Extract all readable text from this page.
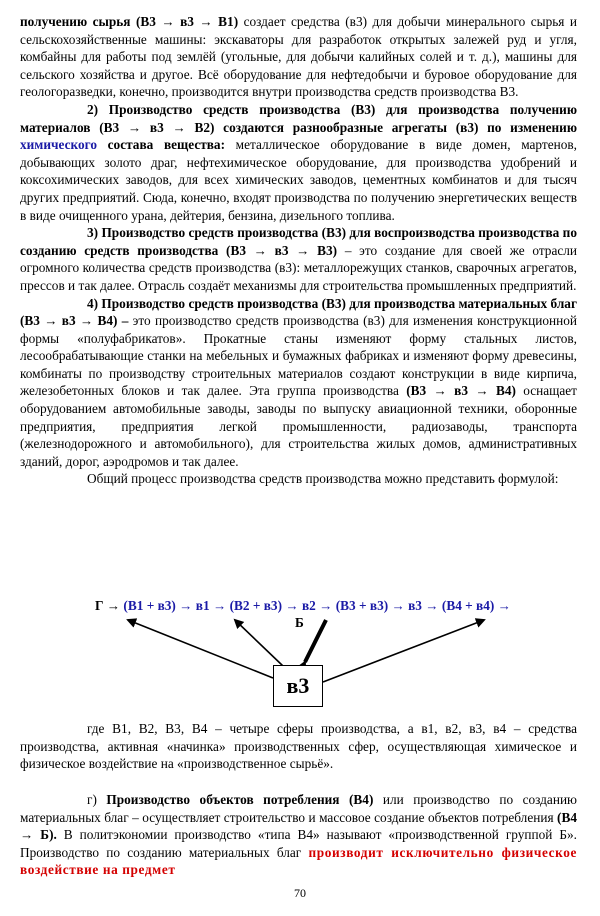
получению сырья (В3 → в3 → В1) создает средства (в3) для добычи минерального сырья и сельскохозяйственные машины: экскаваторы для разработок открытых залежей руд и угля, комбайны для работы под землёй (угольные, для добычи калийных солей и т. д.), машины для сельского хозяйства и другое. Всё оборудование для нефтедобычи и буровое оборудование для геологоразведки, конечно, производится внутри производства средств производства В3.

2) Производство средств производства (В3) для производства получению материалов (В3 → в3 → В2) создаются разнообразные агрегаты (в3) по изменению химического состава вещества: металлическое оборудование в виде домен, мартенов, добывающих золото драг, нефтехимическое оборудование, для производства удобрений и коксохимических заводов, для всех химических заводов, цементных комбинатов и для тысяч других предприятий. Сюда, конечно, входят производства по получению энергетических веществ в виде очищенного урана, дейтерия, бензина, дизельного топлива.

3) Производство средств производства (В3) для воспроизводства производства по созданию средств производства (В3 → в3 → В3) – это создание для своей же отрасли огромного количества средств производства (в3): металлорежущих станков, сварочных агрегатов, прессов и так далее. Отрасль создаёт механизмы для строительства промышленных предприятий.

4) Производство средств производства (В3) для производства материальных благ (В3 → в3 → В4) – это производство средств производства (в3) для изменения конструкционной формы «полуфабрикатов». Прокатные станы изменяют форму стальных листов, лесообрабатывающие станки на мебельных и бумажных фабриках и изменяют форму древесины, комбинаты по производству строительных материалов создают конструкции в виде кирпича, железобетонных блоков и так далее. Эта группа производства (В3 → в3 → В4) оснащает оборудованием автомобильные заводы, заводы по выпуску авиационной техники, оборонные предприятия, предприятия легкой промышленности, радиозаводы, транспорта (железнодорожного и автомобильного), для строительства жилых домов, административных зданий, дорог, аэродромов и так далее.

Общий процесс производства средств производства можно представить формулой:

Г → (В1 + в3) → в1 → (В2 + в3) → в2 → (В3 + в3) → в3 → (В4 + в4) →
Б
в3

где В1, В2, В3, В4 – четыре сферы производства, а в1, в2, в3, в4 – средства производства, активная «начинка» производственных сфер, осуществляющая химическое и физическое воздействие на «производственное сырьё».

г) Производство объектов потребления (В4) или производство по созданию материальных благ – осуществляет строительство и массовое создание объектов потребления (В4 → Б). В политэкономии производство «типа В4» называют «производственной группой Б». Производство по созданию материальных благ производит исключительно физическое воздействие на предмет

70
